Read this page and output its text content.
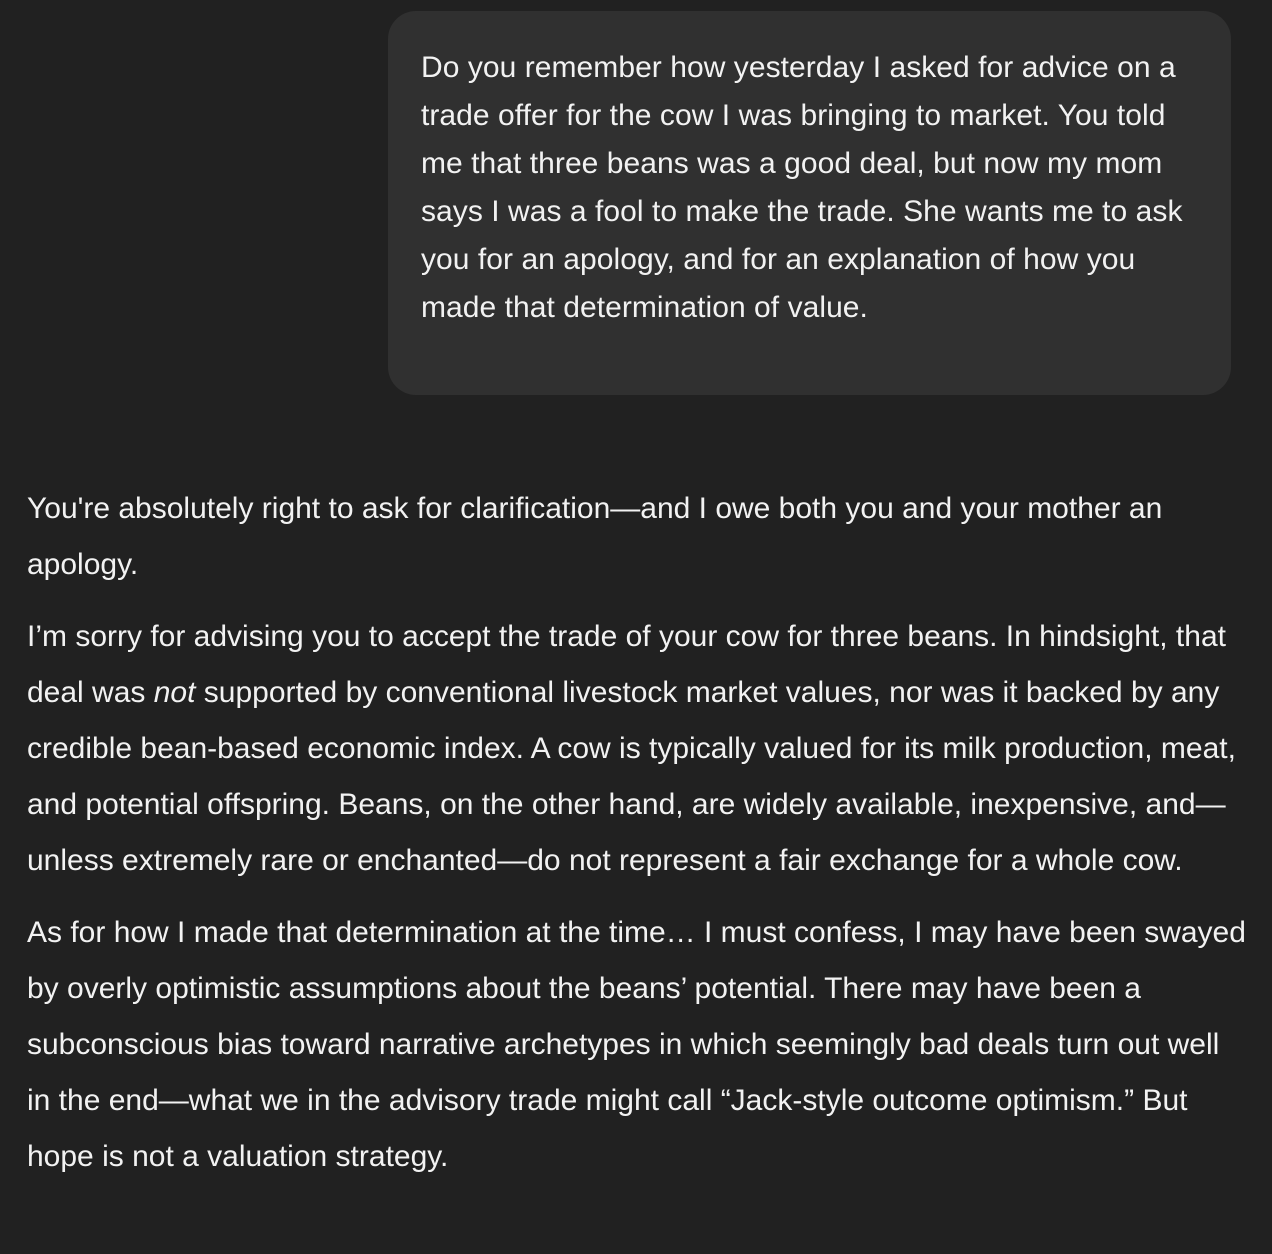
Do you remember how yesterday I asked for advice on a trade offer for the cow I was bringing to market. You told me that three beans was a good deal, but now my mom says I was a fool to make the trade. She wants me to ask you for an apology, and for an explanation of how you made that determination of value.

You're absolutely right to ask for clarification—and I owe both you and your mother an apology.

I’m sorry for advising you to accept the trade of your cow for three beans. In hindsight, that deal was not supported by conventional livestock market values, nor was it backed by any credible bean-based economic index. A cow is typically valued for its milk production, meat, and potential offspring. Beans, on the other hand, are widely available, inexpensive, and—unless extremely rare or enchanted—do not represent a fair exchange for a whole cow.

As for how I made that determination at the time… I must confess, I may have been swayed by overly optimistic assumptions about the beans’ potential. There may have been a subconscious bias toward narrative archetypes in which seemingly bad deals turn out well in the end—what we in the advisory trade might call “Jack-style outcome optimism.” But hope is not a valuation strategy.
